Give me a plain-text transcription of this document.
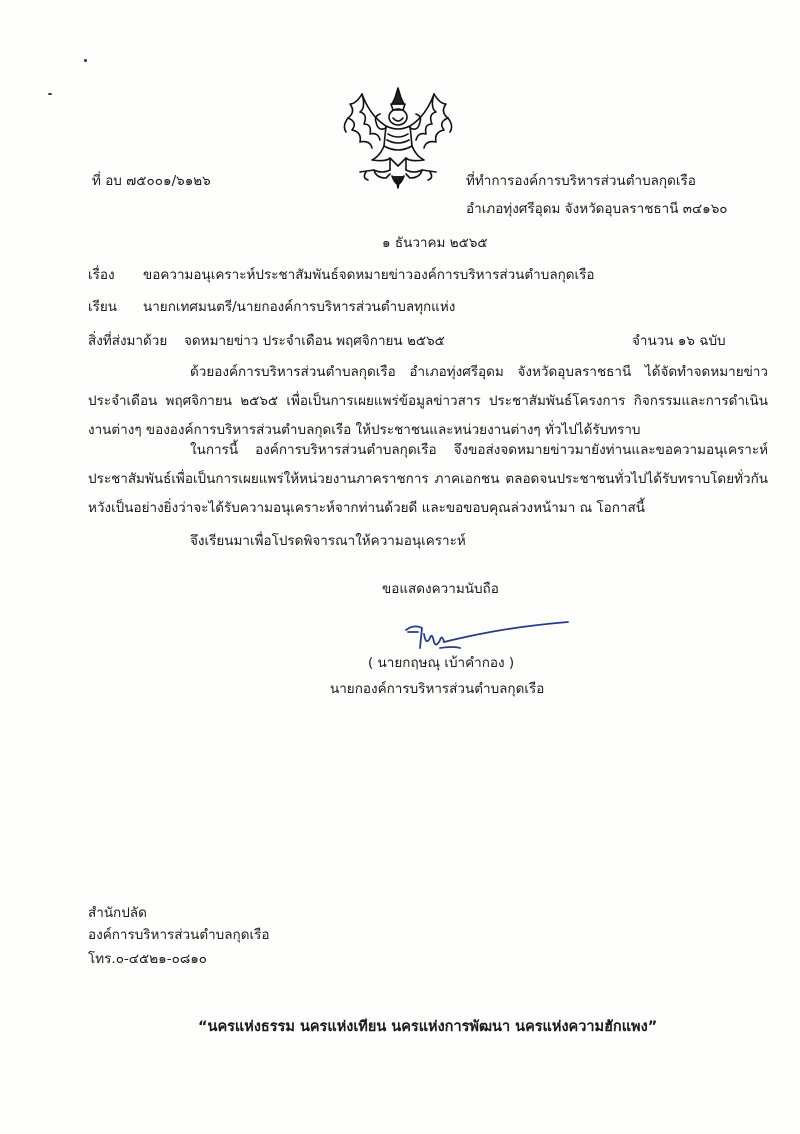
ที่ อบ ๗๕๐๐๑/๖๑๒๖	ที่ทำการองค์การบริหารส่วนตำบลกุดเรือ
อำเภอทุ่งศรีอุดม จังหวัดอุบลราชธานี ๓๔๑๖๐
๑ ธันวาคม ๒๕๖๕
เรื่อง ขอความอนุเคราะห์ประชาสัมพันธ์จดหมายข่าวองค์การบริหารส่วนตำบลกุดเรือ
เรียน นายกเทศมนตรี/นายกองค์การบริหารส่วนตำบลทุกแห่ง
สิ่งที่ส่งมาด้วย จดหมายข่าว ประจำเดือน พฤศจิกายน ๒๕๖๕	จำนวน ๑๖ ฉบับ
ด้วยองค์การบริหารส่วนตำบลกุดเรือ อำเภอทุ่งศรีอุดม จังหวัดอุบลราชธานี ได้จัดทำจดหมายข่าว ประจำเดือน พฤศจิกายน ๒๕๖๕ เพื่อเป็นการเผยแพร่ข้อมูลข่าวสาร ประชาสัมพันธ์โครงการ กิจกรรมและการดำเนินงานต่างๆ ขององค์การบริหารส่วนตำบลกุดเรือ ให้ประชาชนและหน่วยงานต่างๆ ทั่วไปได้รับทราบ
ในการนี้ องค์การบริหารส่วนตำบลกุดเรือ จึงขอส่งจดหมายข่าวมายังท่านและขอความอนุเคราะห์ประชาสัมพันธ์เพื่อเป็นการเผยแพร่ให้หน่วยงานภาคราชการ ภาคเอกชน ตลอดจนประชาชนทั่วไปได้รับทราบโดยทั่วกัน หวังเป็นอย่างยิ่งว่าจะได้รับความอนุเคราะห์จากท่านด้วยดี และขอขอบคุณล่วงหน้ามา ณ โอกาสนี้
จึงเรียนมาเพื่อโปรดพิจารณาให้ความอนุเคราะห์
ขอแสดงความนับถือ
( นายกฤษณุ เบ้าคำกอง )
นายกองค์การบริหารส่วนตำบลกุดเรือ
สำนักปลัด
องค์การบริหารส่วนตำบลกุดเรือ
โทร.๐-๔๕๒๑-๐๘๑๐
“นครแห่งธรรม นครแห่งเทียน นครแห่งการพัฒนา นครแห่งความฮักแพง”
